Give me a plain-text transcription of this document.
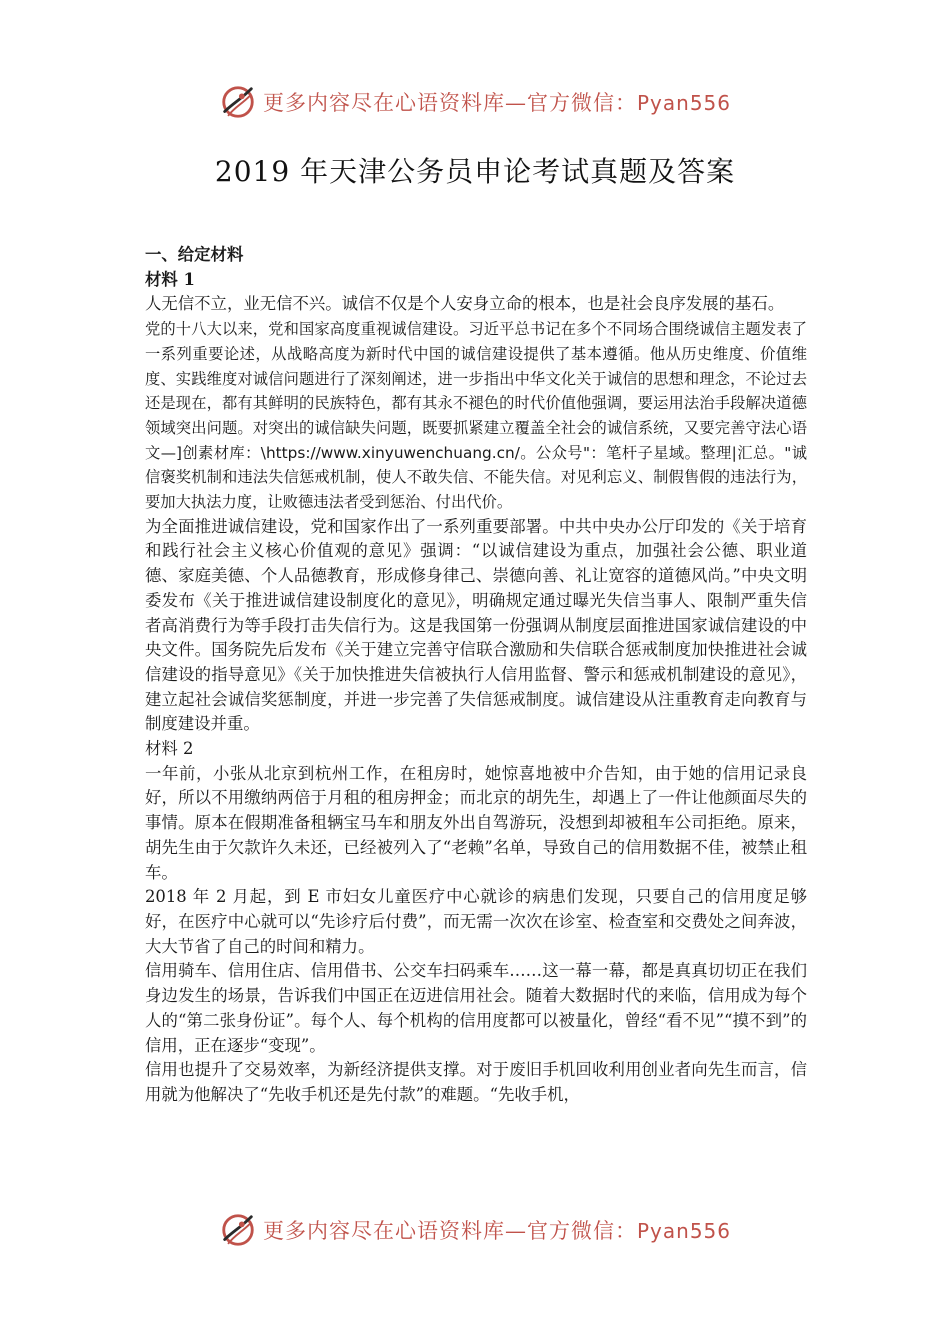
更多内容尽在心语资料库—官方微信：Pyan556
2019 年天津公务员申论考试真题及答案

一、给定材料

材料 1

人无信不立，业无信不兴。诚信不仅是个人安身立命的根本，也是社会良序发展的基石。

党的十八大以来，党和国家高度重视诚信建设。习近平总书记在多个不同场合围绕诚信主题发表了一系列重要论述，从战略高度为新时代中国的诚信建设提供了基本遵循。他从历史维度、价值维度、实践维度对诚信问题进行了深刻阐述，进一步指出中华文化关于诚信的思想和理念，不论过去还是现在，都有其鲜明的民族特色，都有其永不褪色的时代价值他强调，要运用法治手段解决道德领域突出问题。对突出的诚信缺失问题，既要抓紧建立覆盖全社会的诚信系统，又要完善守法心语文—]创素材库：\https://www.xinyuwenchuang.cn/。公众号"：笔杆子星域。整理|汇总。"诚信褒奖机制和违法失信惩戒机制，使人不敢失信、不能失信。对见利忘义、制假售假的违法行为，要加大执法力度，让败德违法者受到惩治、付出代价。

为全面推进诚信建设，党和国家作出了一系列重要部署。中共中央办公厅印发的《关于培育和践行社会主义核心价值观的意见》强调：“以诚信建设为重点，加强社会公德、职业道德、家庭美德、个人品德教育，形成修身律己、崇德向善、礼让宽容的道德风尚。”中央文明委发布《关于推进诚信建设制度化的意见》，明确规定通过曝光失信当事人、限制严重失信者高消费行为等手段打击失信行为。这是我国第一份强调从制度层面推进国家诚信建设的中央文件。国务院先后发布《关于建立完善守信联合激励和失信联合惩戒制度加快推进社会诚信建设的指导意见》《关于加快推进失信被执行人信用监督、警示和惩戒机制建设的意见》，建立起社会诚信奖惩制度，并进一步完善了失信惩戒制度。诚信建设从注重教育走向教育与制度建设并重。

材料 2

一年前，小张从北京到杭州工作，在租房时，她惊喜地被中介告知，由于她的信用记录良好，所以不用缴纳两倍于月租的租房押金；而北京的胡先生，却遇上了一件让他颜面尽失的事情。原本在假期准备租辆宝马车和朋友外出自驾游玩，没想到却被租车公司拒绝。原来，胡先生由于欠款许久未还，已经被列入了“老赖”名单，导致自己的信用数据不佳，被禁止租车。

2018 年 2 月起，到 E 市妇女儿童医疗中心就诊的病患们发现，只要自己的信用度足够好，在医疗中心就可以“先诊疗后付费”，而无需一次次在诊室、检查室和交费处之间奔波，大大节省了自己的时间和精力。

信用骑车、信用住店、信用借书、公交车扫码乘车……这一幕一幕，都是真真切切正在我们身边发生的场景，告诉我们中国正在迈进信用社会。随着大数据时代的来临，信用成为每个人的“第二张身份证”。每个人、每个机构的信用度都可以被量化，曾经“看不见”“摸不到”的信用，正在逐步“变现”。

信用也提升了交易效率，为新经济提供支撑。对于废旧手机回收利用创业者向先生而言，信用就为他解决了“先收手机还是先付款”的难题。“先收手机，

更多内容尽在心语资料库—官方微信：Pyan556
